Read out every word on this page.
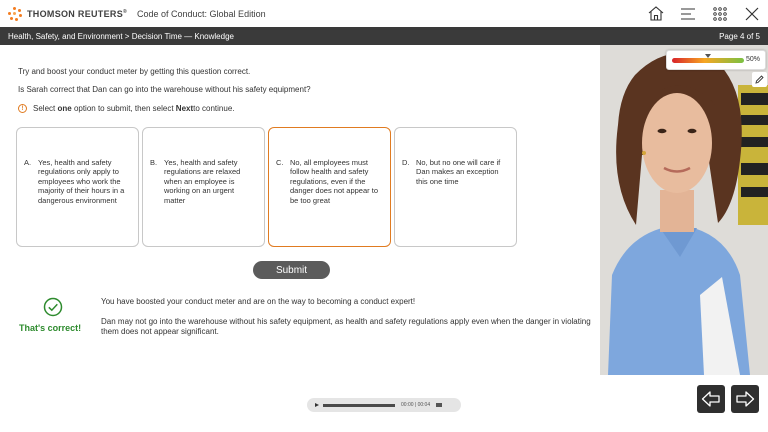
THOMSON REUTERS® Code of Conduct: Global Edition
Health, Safety, and Environment > Decision Time — Knowledge	Page 4 of 5
Try and boost your conduct meter by getting this question correct.
Is Sarah correct that Dan can go into the warehouse without his safety equipment?
!	Select
one
option to submit, then select
Next to continue.
A. Yes, health and safety regulations only apply to employees who work the majority of their hours in a dangerous environment
B. Yes, health and safety regulations are relaxed when an employee is working on an urgent matter
C. No, all employees must follow health and safety regulations, even if the danger does not appear to be too great
D. No, but no one will care if Dan makes an exception this one time
Submit
That's correct!
You have boosted your conduct meter and are on the way to becoming a conduct expert!
Dan may not go into the warehouse without his safety equipment, as health and safety regulations apply even when the danger in violating them does not appear significant.
50%
00:00 | 00:04
